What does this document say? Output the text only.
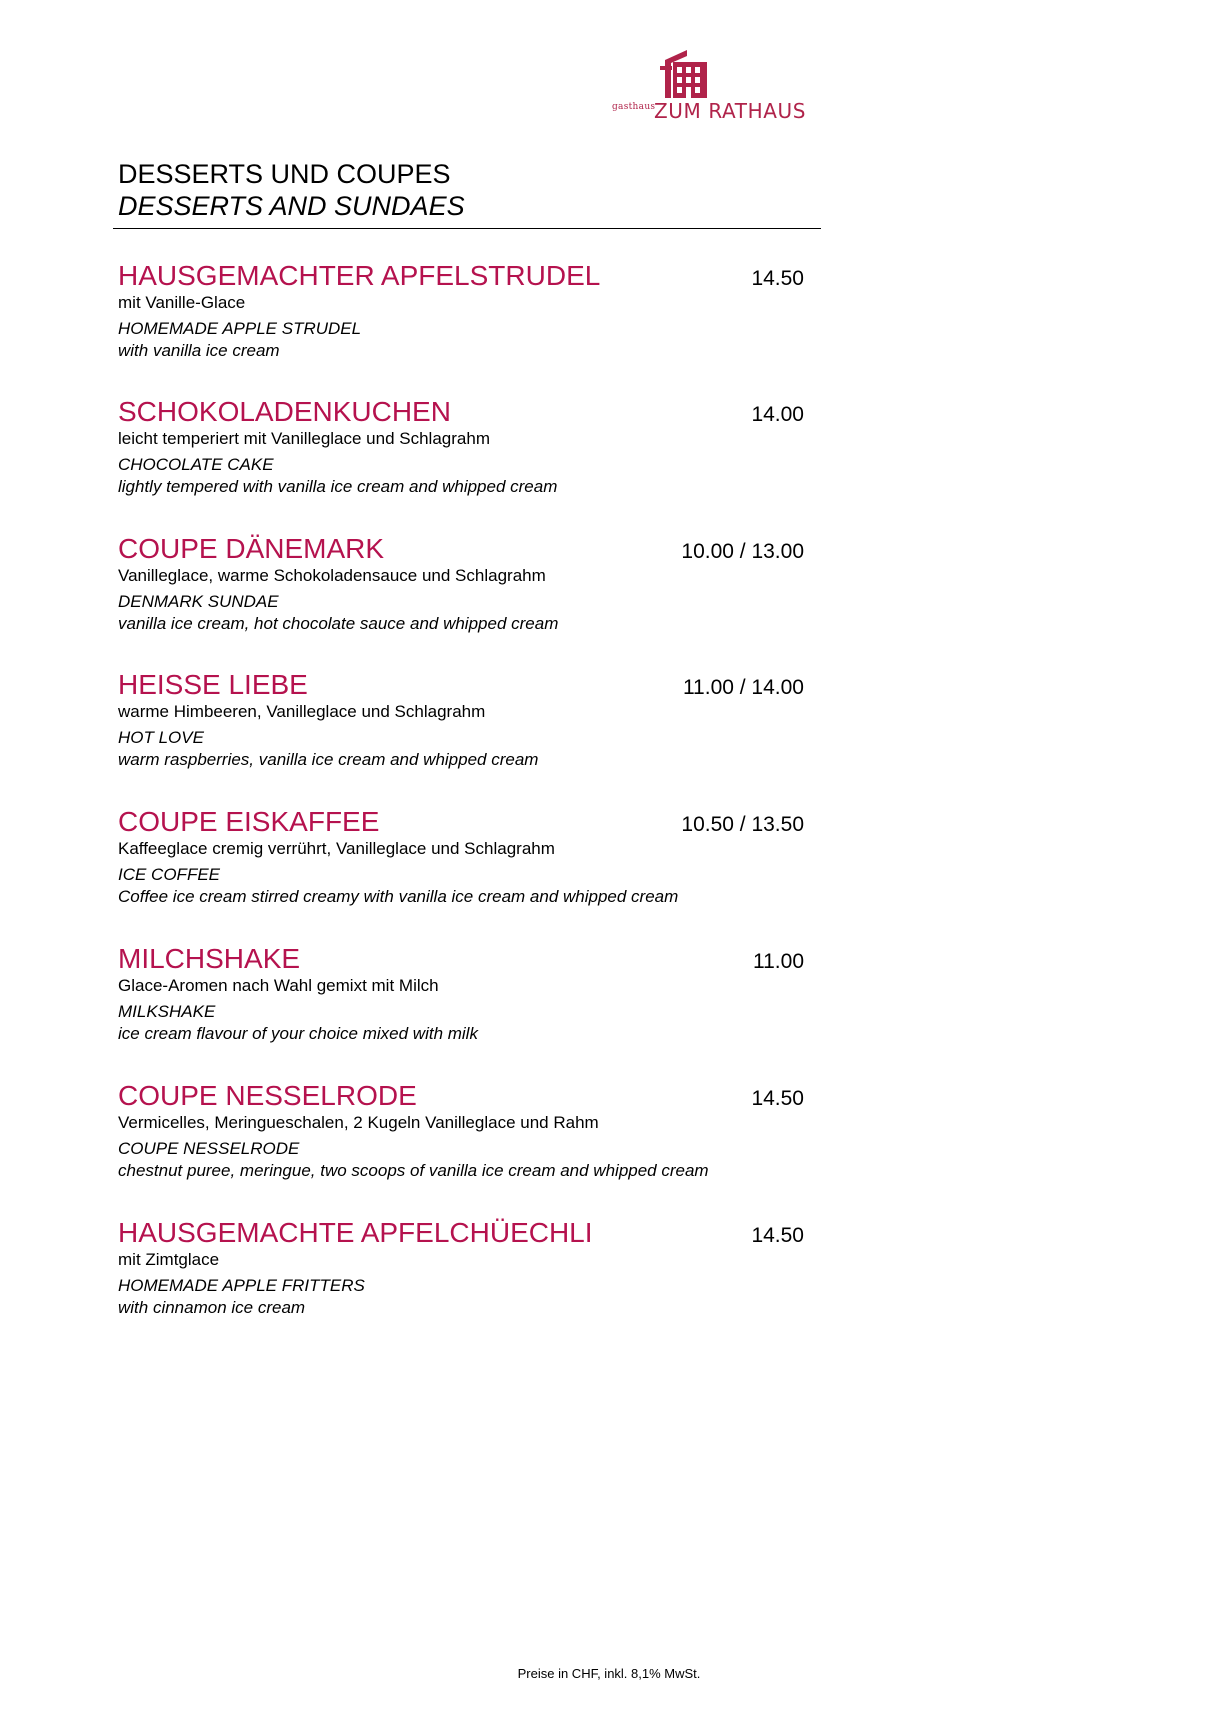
gasthaus
ZUM RATHAUS
DESSERTS UND COUPES
DESSERTS AND SUNDAES
HAUSGEMACHTER APFELSTRUDEL	14.50
mit Vanille-Glace
HOMEMADE APPLE STRUDEL
with vanilla ice cream
SCHOKOLADENKUCHEN	14.00
leicht temperiert mit Vanilleglace und Schlagrahm
CHOCOLATE CAKE
lightly tempered with vanilla ice cream and whipped cream
COUPE DÄNEMARK	10.00 / 13.00
Vanilleglace, warme Schokoladensauce und Schlagrahm
DENMARK SUNDAE
vanilla ice cream, hot chocolate sauce and whipped cream
HEISSE LIEBE	11.00 / 14.00
warme Himbeeren, Vanilleglace und Schlagrahm
HOT LOVE
warm raspberries, vanilla ice cream and whipped cream
COUPE EISKAFFEE	10.50 / 13.50
Kaffeeglace cremig verrührt, Vanilleglace und Schlagrahm
ICE COFFEE
Coffee ice cream stirred creamy with vanilla ice cream and whipped cream
MILCHSHAKE	11.00
Glace-Aromen nach Wahl gemixt mit Milch
MILKSHAKE
ice cream flavour of your choice mixed with milk
COUPE NESSELRODE	14.50
Vermicelles, Meringueschalen, 2 Kugeln Vanilleglace und Rahm
COUPE NESSELRODE
chestnut puree, meringue, two scoops of vanilla ice cream and whipped cream
HAUSGEMACHTE APFELCHÜECHLI	14.50
mit Zimtglace
HOMEMADE APPLE FRITTERS
with cinnamon ice cream
Preise in CHF, inkl. 8,1% MwSt.
